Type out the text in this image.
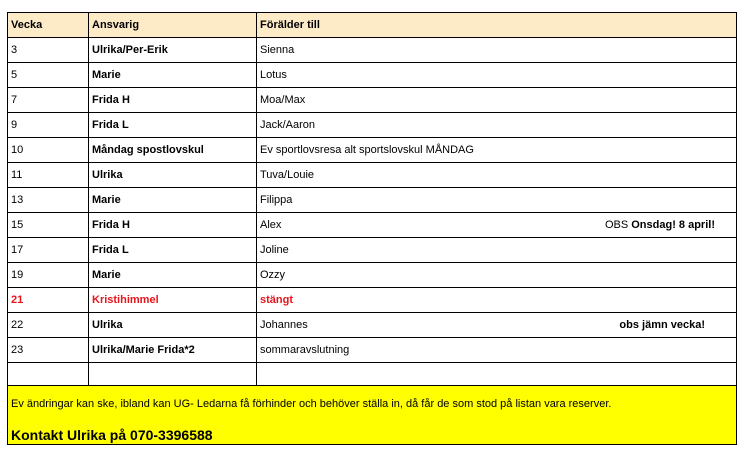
Vecka	Ansvarig	Förälder till
3	Ulrika/Per-Erik	Sienna
5	Marie	Lotus
7	Frida H	Moa/Max
9	Frida L	Jack/Aaron
10	Måndag spostlovskul	Ev sportlovsresa alt sportslovskul MÅNDAG
11	Ulrika	Tuva/Louie
13	Marie	Filippa
15	Frida H	Alex OBS Onsdag! 8 april!

17	Frida L	Joline
19	Marie	Ozzy
21	Kristihimmel	stängt
22	Ulrika	Johannes obs jämn vecka!

23	Ulrika/Marie Frida*2	sommaravslutning

Ev ändringar kan ske, ibland kan UG- Ledarna få förhinder och behöver ställa in, då får de som stod på listan vara reserver.
Kontakt Ulrika på 070-3396588		
